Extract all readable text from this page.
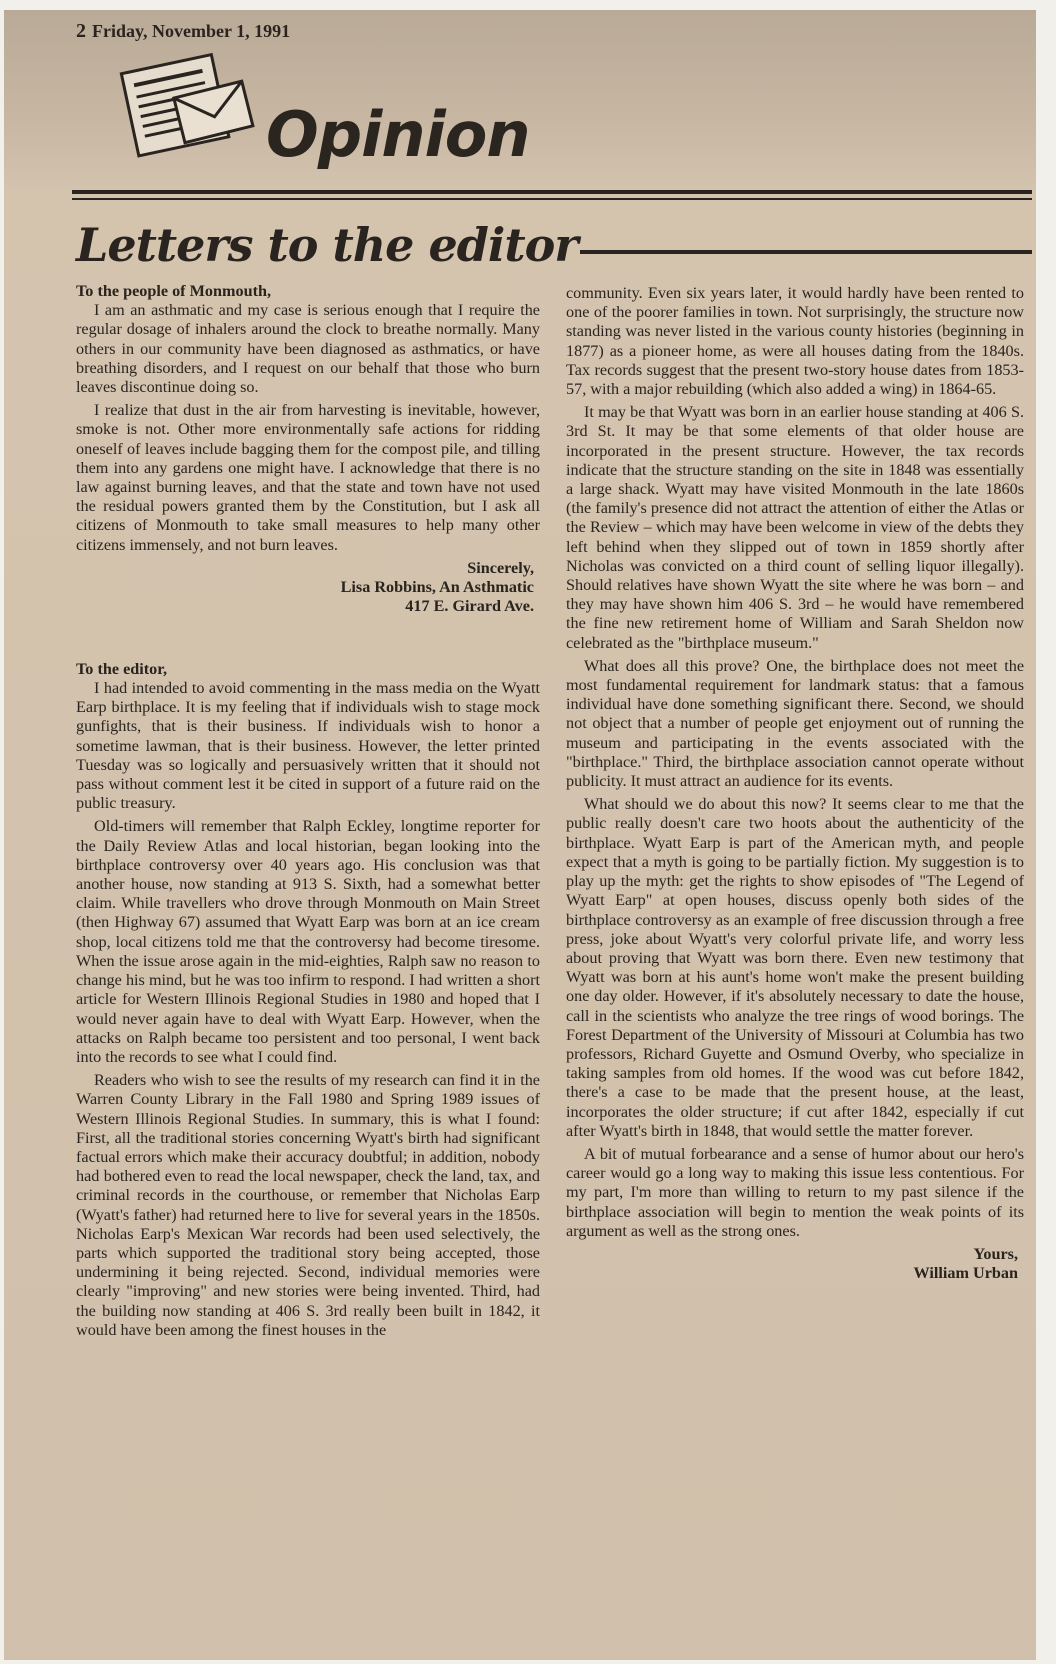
2 Friday, November 1, 1991
Opinion
Letters to the editor

To the people of Monmouth,

I am an asthmatic and my case is serious enough that I require the regular dosage of inhalers around the clock to breathe normally. Many others in our community have been diagnosed as asthmatics, or have breathing disorders, and I request on our behalf that those who burn leaves discontinue doing so.

I realize that dust in the air from harvesting is inevitable, however, smoke is not. Other more environmentally safe actions for ridding oneself of leaves include bagging them for the compost pile, and tilling them into any gardens one might have. I acknowledge that there is no law against burning leaves, and that the state and town have not used the residual powers granted them by the Constitution, but I ask all citizens of Monmouth to take small measures to help many other citizens immensely, and not burn leaves.

Sincerely,
Lisa Robbins, An Asthmatic
417 E. Girard Ave.

To the editor,

I had intended to avoid commenting in the mass media on the Wyatt Earp birthplace. It is my feeling that if individuals wish to stage mock gunfights, that is their business. If individuals wish to honor a sometime lawman, that is their business. However, the letter printed Tuesday was so logically and persuasively written that it should not pass without comment lest it be cited in support of a future raid on the public treasury.

Old-timers will remember that Ralph Eckley, longtime reporter for the Daily Review Atlas and local historian, began looking into the birthplace controversy over 40 years ago. His conclusion was that another house, now standing at 913 S. Sixth, had a somewhat better claim. While travellers who drove through Monmouth on Main Street (then Highway 67) assumed that Wyatt Earp was born at an ice cream shop, local citizens told me that the controversy had become tiresome. When the issue arose again in the mid-eighties, Ralph saw no reason to change his mind, but he was too infirm to respond. I had written a short article for Western Illinois Regional Studies in 1980 and hoped that I would never again have to deal with Wyatt Earp. However, when the attacks on Ralph became too persistent and too personal, I went back into the records to see what I could find.

Readers who wish to see the results of my research can find it in the Warren County Library in the Fall 1980 and Spring 1989 issues of Western Illinois Regional Studies. In summary, this is what I found: First, all the traditional stories concerning Wyatt's birth had significant factual errors which make their accuracy doubtful; in addition, nobody had bothered even to read the local newspaper, check the land, tax, and criminal records in the courthouse, or remember that Nicholas Earp (Wyatt's father) had returned here to live for several years in the 1850s. Nicholas Earp's Mexican War records had been used selectively, the parts which supported the traditional story being accepted, those undermining it being rejected. Second, individual memories were clearly "improving" and new stories were being invented. Third, had the building now standing at 406 S. 3rd really been built in 1842, it would have been among the finest houses in the

community. Even six years later, it would hardly have been rented to one of the poorer families in town. Not surprisingly, the structure now standing was never listed in the various county histories (beginning in 1877) as a pioneer home, as were all houses dating from the 1840s. Tax records suggest that the present two-story house dates from 1853-57, with a major rebuilding (which also added a wing) in 1864-65.

It may be that Wyatt was born in an earlier house standing at 406 S. 3rd St. It may be that some elements of that older house are incorporated in the present structure. However, the tax records indicate that the structure standing on the site in 1848 was essentially a large shack. Wyatt may have visited Monmouth in the late 1860s (the family's presence did not attract the attention of either the Atlas or the Review – which may have been welcome in view of the debts they left behind when they slipped out of town in 1859 shortly after Nicholas was convicted on a third count of selling liquor illegally). Should relatives have shown Wyatt the site where he was born – and they may have shown him 406 S. 3rd – he would have remembered the fine new retirement home of William and Sarah Sheldon now celebrated as the "birthplace museum."

What does all this prove? One, the birthplace does not meet the most fundamental requirement for landmark status: that a famous individual have done something significant there. Second, we should not object that a number of people get enjoyment out of running the museum and participating in the events associated with the "birthplace." Third, the birthplace association cannot operate without publicity. It must attract an audience for its events.

What should we do about this now? It seems clear to me that the public really doesn't care two hoots about the authenticity of the birthplace. Wyatt Earp is part of the American myth, and people expect that a myth is going to be partially fiction. My suggestion is to play up the myth: get the rights to show episodes of "The Legend of Wyatt Earp" at open houses, discuss openly both sides of the birthplace controversy as an example of free discussion through a free press, joke about Wyatt's very colorful private life, and worry less about proving that Wyatt was born there. Even new testimony that Wyatt was born at his aunt's home won't make the present building one day older. However, if it's absolutely necessary to date the house, call in the scientists who analyze the tree rings of wood borings. The Forest Department of the University of Missouri at Columbia has two professors, Richard Guyette and Osmund Overby, who specialize in taking samples from old homes. If the wood was cut before 1842, there's a case to be made that the present house, at the least, incorporates the older structure; if cut after 1842, especially if cut after Wyatt's birth in 1848, that would settle the matter forever.

A bit of mutual forbearance and a sense of humor about our hero's career would go a long way to making this issue less contentious. For my part, I'm more than willing to return to my past silence if the birthplace association will begin to mention the weak points of its argument as well as the strong ones.

Yours,
William Urban
